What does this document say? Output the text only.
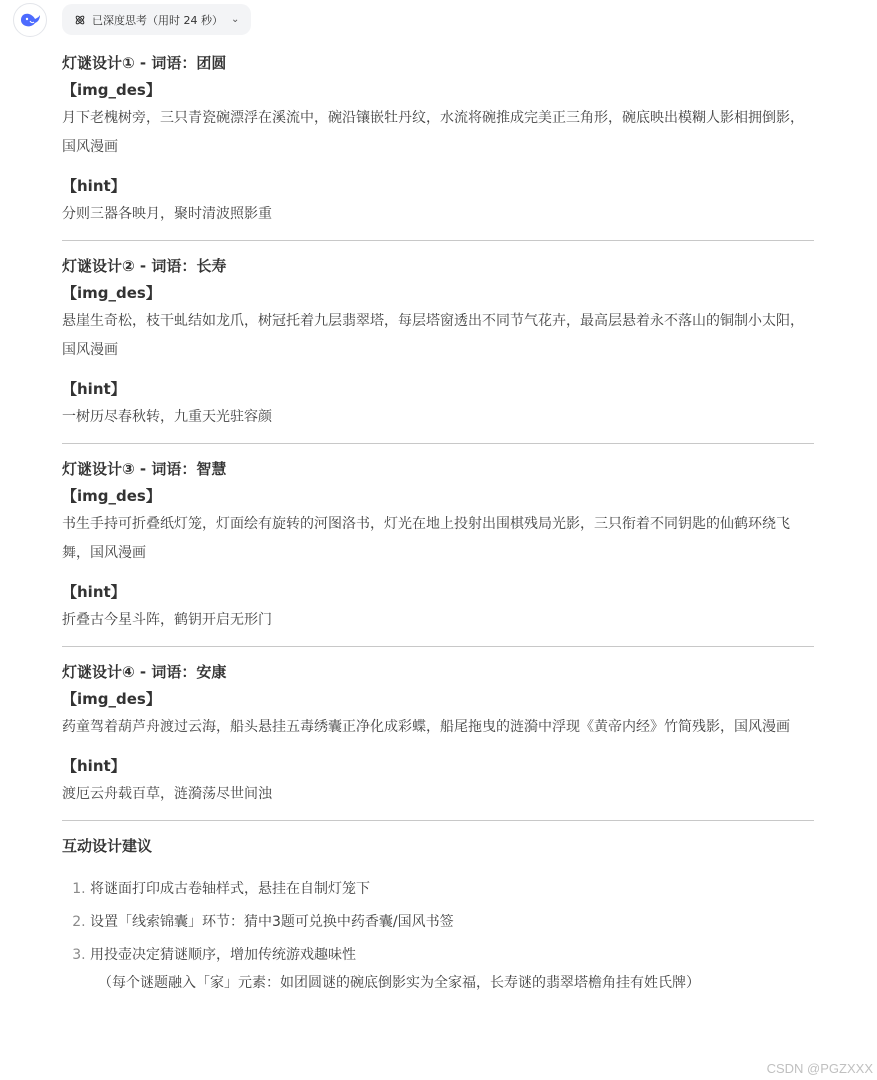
已深度思考（用时 24 秒） ⌄

灯谜设计① - 词语：团圆

【img_des】

月下老槐树旁，三只青瓷碗漂浮在溪流中，碗沿镶嵌牡丹纹，水流将碗推成完美正三角形，碗底映出模糊人影相拥倒影，国风漫画

【hint】

分则三器各映月，聚时清波照影重

灯谜设计② - 词语：长寿

【img_des】

悬崖生奇松，枝干虬结如龙爪，树冠托着九层翡翠塔，每层塔窗透出不同节气花卉，最高层悬着永不落山的铜制小太阳，国风漫画

【hint】

一树历尽春秋转，九重天光驻容颜

灯谜设计③ - 词语：智慧

【img_des】

书生手持可折叠纸灯笼，灯面绘有旋转的河图洛书，灯光在地上投射出围棋残局光影，三只衔着不同钥匙的仙鹤环绕飞舞，国风漫画

【hint】

折叠古今星斗阵，鹤钥开启无形门

灯谜设计④ - 词语：安康

【img_des】

药童驾着葫芦舟渡过云海，船头悬挂五毒绣囊正净化成彩蝶，船尾拖曳的涟漪中浮现《黄帝内经》竹简残影，国风漫画

【hint】

渡厄云舟载百草，涟漪荡尽世间浊

互动设计建议

1. 将谜面打印成古卷轴样式，悬挂在自制灯笼下
2. 设置「线索锦囊」环节：猜中3题可兑换中药香囊/国风书签
3. 用投壶决定猜谜顺序，增加传统游戏趣味性
（每个谜题融入「家」元素：如团圆谜的碗底倒影实为全家福，长寿谜的翡翠塔檐角挂有姓氏牌）
CSDN @PGZXXX
